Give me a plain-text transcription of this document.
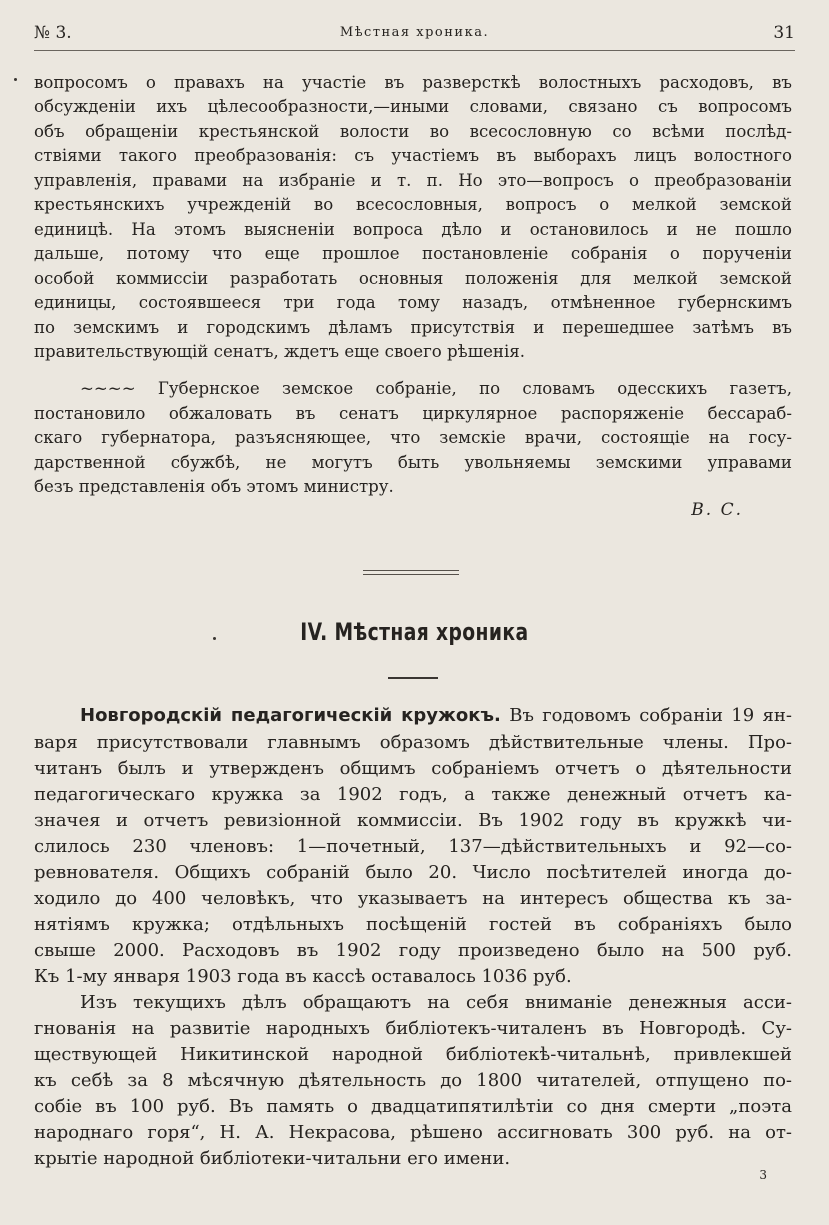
№ 3.	Мѣстная хроника.	31
вопросомъ о правахъ на участіе въ разверсткѣ волостныхъ расходовъ, въ
обсужденіи ихъ цѣлесообразности,—иными словами, связано съ вопросомъ
объ обращеніи крестьянской волости во всесословную со всѣми послѣд-
ствіями такого преобразованія: съ участіемъ въ выборахъ лицъ волостного
управленія, правами на избраніе и т. п. Но это—вопросъ о преобразованіи
крестьянскихъ учрежденій во всесословныя, вопросъ о мелкой земской
единицѣ. На этомъ выясненіи вопроса дѣло и остановилось и не пошло
дальше, потому что еще прошлое постановленіе собранія о порученіи
особой коммиссіи разработать основныя положенія для мелкой земской
единицы, состоявшееся три года тому назадъ, отмѣненное губернскимъ
по земскимъ и городскимъ дѣламъ присутствія и перешедшее затѣмъ въ
правительствующій сенатъ, ждетъ еще своего рѣшенія.
~~~~ Губернское земское собраніе, по словамъ одесскихъ газетъ,
постановило обжаловать въ сенатъ циркулярное распоряженіе бессараб-
скаго губернатора, разъясняющее, что земскіе врачи, состоящіе на госу-
дарственной сбужбѣ, не могутъ быть увольняемы земскими управами
безъ представленія объ этомъ министру.
В. С.
IV. Мѣстная хроника
Новгородскій педагогическій кружокъ. Въ годовомъ собраніи 19 ян-
варя присутствовали главнымъ образомъ дѣйствительные члены. Про-
читанъ былъ и утвержденъ общимъ собраніемъ отчетъ о дѣятельности
педагогическаго кружка за 1902 годъ, а также денежный отчетъ ка-
значея и отчетъ ревизіонной коммиссіи. Въ 1902 году въ кружкѣ чи-
слилось 230 членовъ: 1—почетный, 137—дѣйствительныхъ и 92—со-
ревнователя. Общихъ собраній было 20. Число посѣтителей иногда до-
ходило до 400 человѣкъ, что указываетъ на интересъ общества къ за-
нятіямъ кружка; отдѣльныхъ посѣщеній гостей въ собраніяхъ было
свыше 2000. Расходовъ въ 1902 году произведено было на 500 руб.
Къ 1-му января 1903 года въ кассѣ оставалось 1036 руб.
Изъ текущихъ дѣлъ обращаютъ на себя вниманіе денежныя асси-
гнованія на развитіе народныхъ библіотекъ-читаленъ въ Новгородѣ. Су-
ществующей Никитинской народной библіотекѣ-читальнѣ, привлекшей
къ себѣ за 8 мѣсячную дѣятельность до 1800 читателей, отпущено по-
собіе въ 100 руб. Въ память о двадцатипятилѣтіи со дня смерти „поэта
народнаго горя“, Н. А. Некрасова, рѣшено ассигновать 300 руб. на от-
крытіе народной библіотеки-читальни его имени.
3
